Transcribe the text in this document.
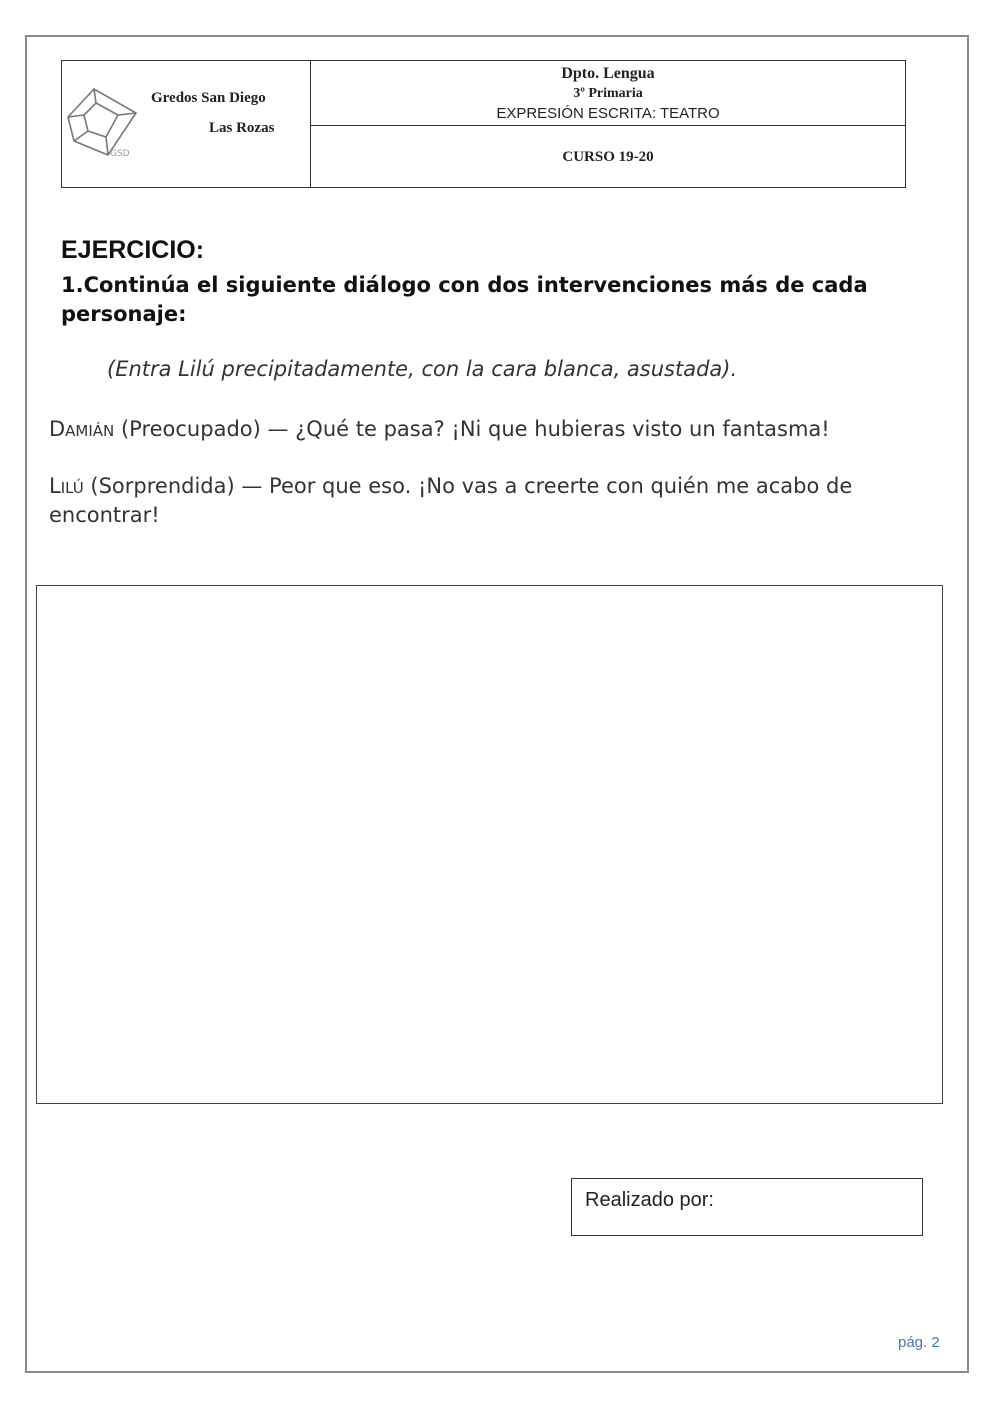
GSD
Gredos San Diego
Las Rozas
Dpto. Lengua
3º Primaria
EXPRESIÓN ESCRITA: TEATRO
CURSO 19-20
EJERCICIO:
1.Continúa el siguiente diálogo con dos intervenciones más de cada personaje:
(Entra Lilú precipitadamente, con la cara blanca, asustada).
Damián (Preocupado) — ¿Qué te pasa? ¡Ni que hubieras visto un fantasma!
Lilú (Sorprendida) — Peor que eso. ¡No vas a creerte con quién me acabo de encontrar!
Realizado por:
pág. 2
